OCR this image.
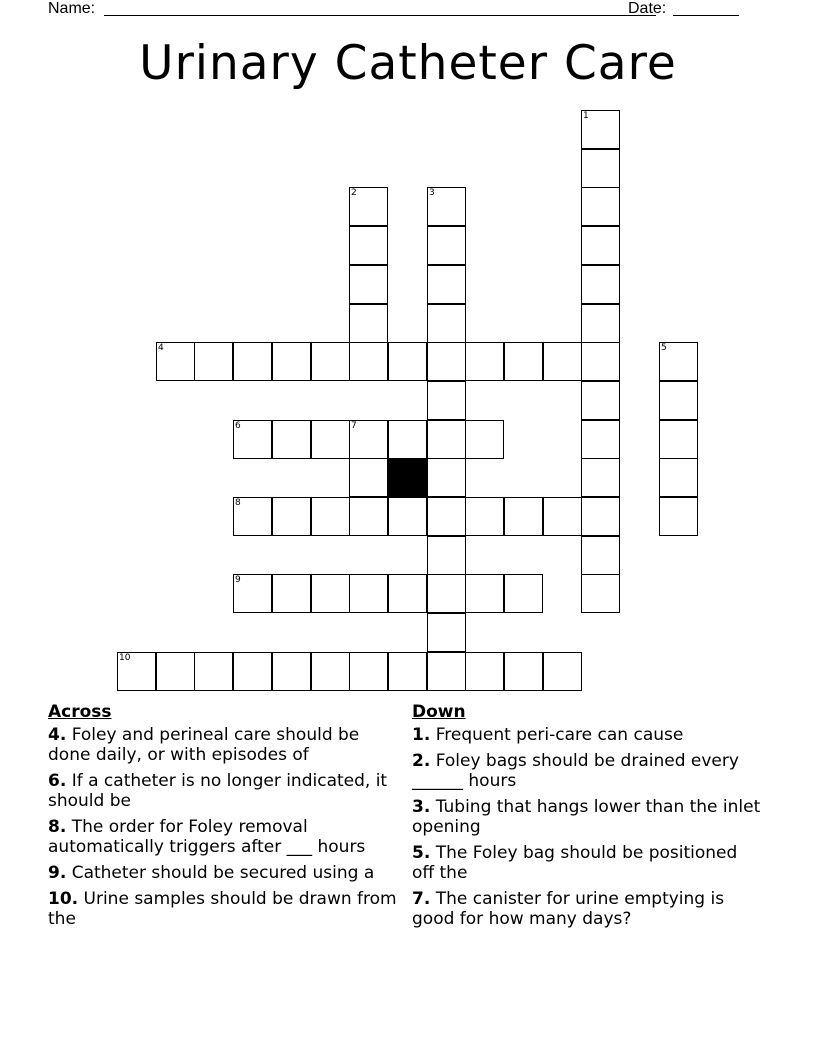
Name:	Date:
Urinary Catheter Care
1
2	3
4	5
6	7
8
9
10
Across
4. Foley and perineal care should be done daily, or with episodes of
6. If a catheter is no longer indicated, it should be
8. The order for Foley removal automatically triggers after ___ hours
9. Catheter should be secured using a
10. Urine samples should be drawn from the
Down
1. Frequent peri-care can cause
2. Foley bags should be drained every ______ hours
3. Tubing that hangs lower than the inlet opening
5. The Foley bag should be positioned off the
7. The canister for urine emptying is good for how many days?
